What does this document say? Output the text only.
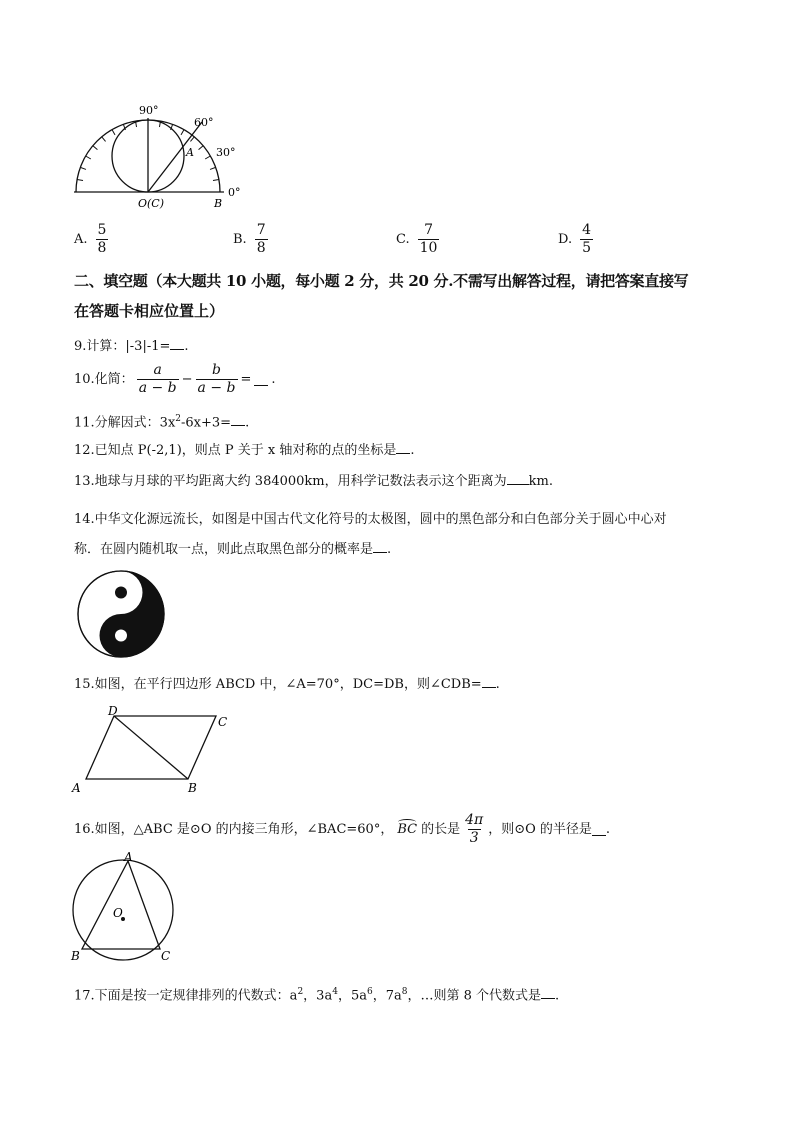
90°
60°
30°
0°
A
O(C)	B
A. $\frac{5}{8}$	B. $\frac{7}{8}$	C. $\frac{7}{10}$	D. $\frac{4}{5}$
二、填空题（本大题共 10 小题，每小题 2 分，共 20 分.不需写出解答过程，请把答案直接写
在答题卡相应位置上）
9.计算：|-3|-1= .
10.化简： $\frac{a}{a - b} - \frac{b}{a - b}$ = .
11.分解因式：$3x^2-6x+3=$ .
12.已知点 P(-2,1)，则点 P 关于 x 轴对称的点的坐标是 .
13.地球与月球的平均距离大约 384000km，用科学记数法表示这个距离为 km.
14.中华文化源远流长，如图是中国古代文化符号的太极图，圆中的黑色部分和白色部分关于圆心中心对
称．在圆内随机取一点，则此点取黑色部分的概率是 .
15.如图，在平行四边形 ABCD 中，∠A=70°，DC=DB，则∠CDB= .
D
C
A	B
16.如图，△ABC 是⊙O 的内接三角形，∠BAC=60°， BC 的长是 $\frac{4\pi}{3}$ ，则⊙O 的半径是 .
A
O
B	C
17.下面是按一定规律排列的代数式：$a^2$，$3a^4$，$5a^6$，$7a^8$，…则第 8 个代数式是 .
